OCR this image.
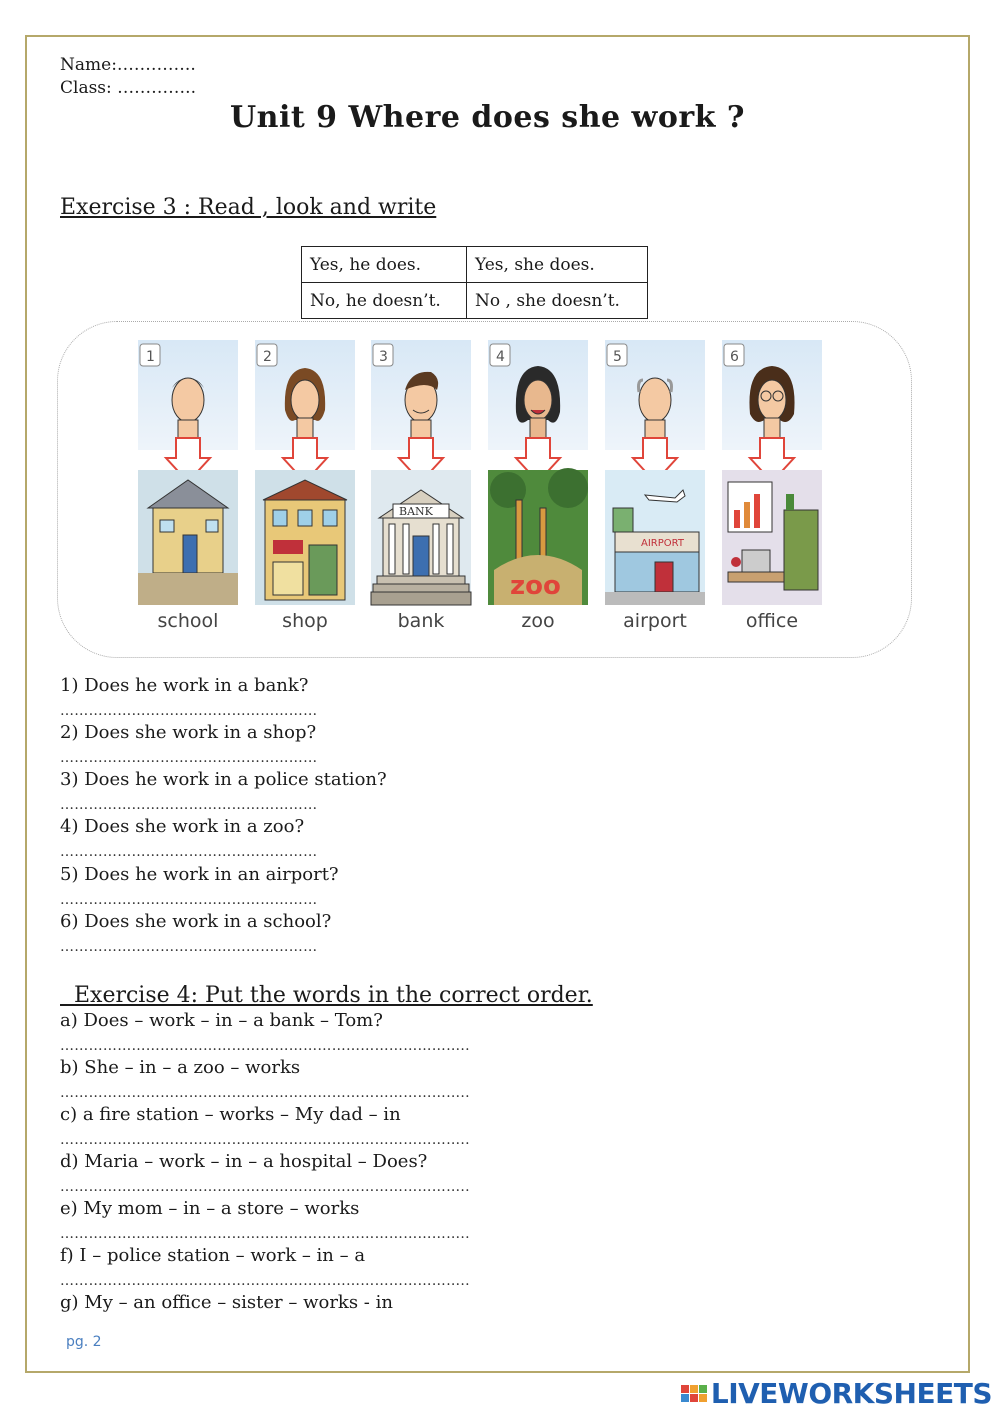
Name:…………..
Class: …………..
Unit 9 Where does she work ?
Exercise 3 : Read , look and write
Yes, he does.	Yes, she does.
No, he doesn’t.	No , she doesn’t.
1	2	3
BANK
4
zoo
5
AIRPORT
6
school	shop	bank	zoo	airport	office
1) Does he work in a bank?
………………………………………………
2) Does she work in a shop?
………………………………………………
3) Does he work in a police station?
………………………………………………
4) Does she work in a zoo?
………………………………………………
5) Does he work in an airport?
………………………………………………
6) Does she work in a school?
………………………………………………
Exercise 4: Put the words in the correct order.
a) Does – work – in – a bank – Tom?
…………………………………………………………………………..
b) She – in – a zoo – works
…………………………………………………………………………..
c) a fire station – works – My dad – in
…………………………………………………………………………..
d) Maria – work – in – a hospital – Does?
…………………………………………………………………………..
e) My mom – in – a store – works
…………………………………………………………………………..
f) I – police station – work – in – a
…………………………………………………………………………..
g) My – an office – sister – works - in
pg. 2
LIVEWORKSHEETS
